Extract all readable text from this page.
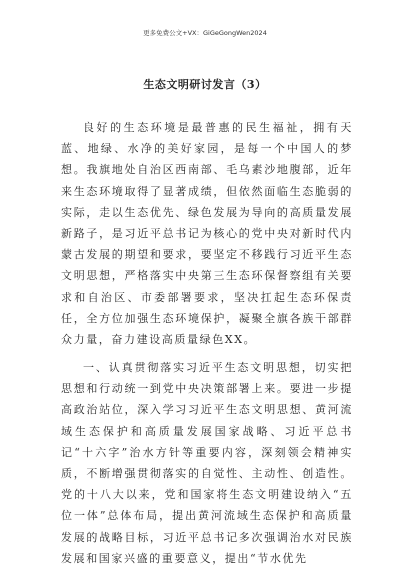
更多免费公文+VX：GiGeGongWen2024
生态文明研讨发言（3）

良好的生态环境是最普惠的民生福祉，拥有天蓝、地绿、水净的美好家园，是每一个中国人的梦想。我旗地处自治区西南部、毛乌素沙地腹部，近年来生态环境取得了显著成绩，但依然面临生态脆弱的实际，走以生态优先、绿色发展为导向的高质量发展新路子，是习近平总书记为核心的党中央对新时代内蒙古发展的期望和要求，要坚定不移践行习近平生态文明思想，严格落实中央第三生态环保督察组有关要求和自治区、市委部署要求，坚决扛起生态环保责任，全方位加强生态环境保护，凝聚全旗各族干部群众力量，奋力建设高质量绿色XX。

一、认真贯彻落实习近平生态文明思想，切实把思想和行动统一到党中央决策部署上来。要进一步提高政治站位，深入学习习近平生态文明思想、黄河流域生态保护和高质量发展国家战略、习近平总书记“十六字”治水方针等重要内容，深刻领会精神实质，不断增强贯彻落实的自觉性、主动性、创造性。党的十八大以来，党和国家将生态文明建设纳入“五位一体”总体布局，提出黄河流域生态保护和高质量发展的战略目标，习近平总书记多次强调治水对民族发展和国家兴盛的重要意义，提出“节水优先
